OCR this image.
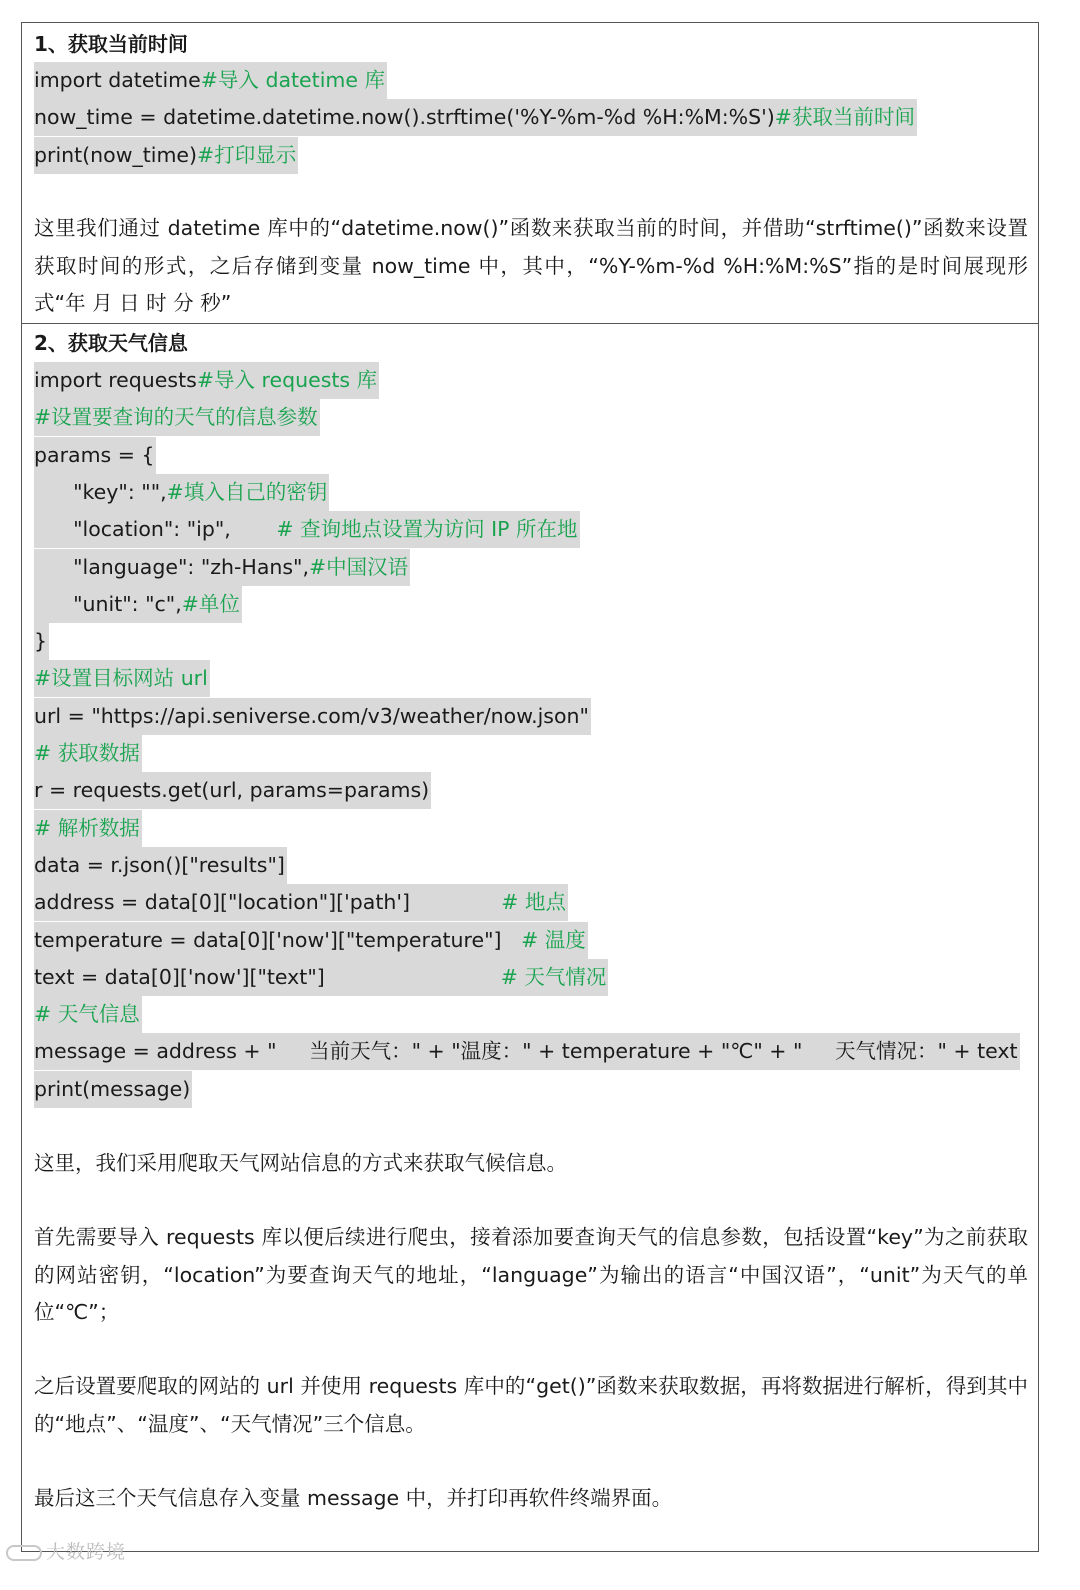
1、获取当前时间
import datetime#导入 datetime 库
now_time = datetime.datetime.now().strftime('%Y-%m-%d %H:%M:%S')#获取当前时间
print(now_time)#打印显示
这里我们通过 datetime 库中的“datetime.now()”函数来获取当前的时间，并借助“strftime()”函数来设置获取时间的形式，之后存储到变量 now_time 中，其中，“%Y-%m-%d %H:%M:%S”指的是时间展现形式“年 月 日 时 分 秒”
2、获取天气信息
import requests#导入 requests 库
#设置要查询的天气的信息参数
params = {
"key": "",#填入自己的密钥
"location": "ip",       # 查询地点设置为访问 IP 所在地
"language": "zh-Hans",#中国汉语
"unit": "c",#单位
}
#设置目标网站 url
url = "https://api.seniverse.com/v3/weather/now.json"
# 获取数据
r = requests.get(url, params=params)
# 解析数据
data = r.json()["results"]
address = data[0]["location"]['path']              # 地点
temperature = data[0]['now']["temperature"]   # 温度
text = data[0]['now']["text"]                           # 天气情况
# 天气信息
message = address + "     当前天气：" + "温度：" + temperature + "℃" + "     天气情况：" + text
print(message)
这里，我们采用爬取天气网站信息的方式来获取气候信息。
首先需要导入 requests 库以便后续进行爬虫，接着添加要查询天气的信息参数，包括设置“key”为之前获取的网站密钥，“location”为要查询天气的地址，“language”为输出的语言“中国汉语”，“unit”为天气的单位“℃”；
之后设置要爬取的网站的 url 并使用 requests 库中的“get()”函数来获取数据，再将数据进行解析，得到其中的“地点”、“温度”、“天气情况”三个信息。
最后这三个天气信息存入变量 message 中，并打印再软件终端界面。
大数跨境
